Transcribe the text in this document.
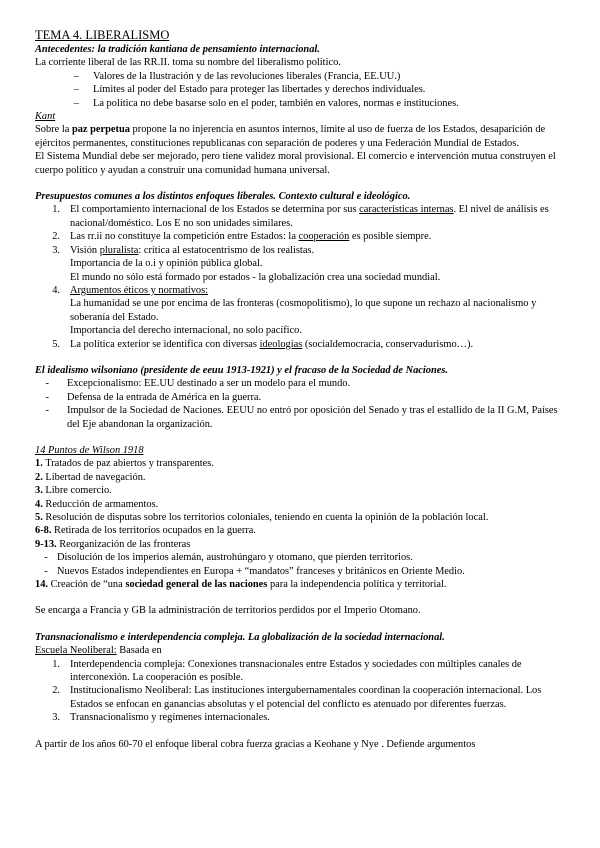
TEMA 4. LIBERALISMO

Antecedentes: la tradición kantiana de pensamiento internacional.

La corriente liberal de las RR.II. toma su nombre del liberalismo político.

–	Valores de la Ilustración y de las revoluciones liberales (Francia, EE.UU.)
–	Límites al poder del Estado para proteger las libertades y derechos individuales.
–	La política no debe basarse solo en el poder, también en valores, normas e instituciones.

Kant

Sobre la paz perpetua propone la no injerencia en asuntos internos, límite al uso de fuerza de los Estados, desaparición de ejércitos permanentes, constituciones republicanas con separación de poderes y una Federación Mundial de Estados.

El Sistema Mundial debe ser mejorado, pero tiene validez moral provisional. El comercio e intervención mutua construyen el cuerpo político y ayudan a construir una comunidad humana universal.

Presupuestos comunes a los distintos enfoques liberales. Contexto cultural e ideológico.

1. El comportamiento internacional de los Estados se determina por sus características internas. El nivel de análisis es nacional/doméstico. Los E no son unidades similares.
2. Las rr.ii no constituye la competición entre Estados: la cooperación es posible siempre.
3. Visión pluralista: crítica al estatocentrismo de los realistas.

Importancia de la o.i y opinión pública global.

El mundo no sólo está formado por estados - la globalización crea una sociedad mundial.

4. Argumentos éticos y normativos:

La humanidad se une por encima de las fronteras (cosmopolitismo), lo que supone un rechazo al nacionalismo y soberanía del Estado.

Importancia del derecho internacional, no solo pacífico.

5. La política exterior se identifica con diversas ideologías (socialdemocracia, conservadurismo…).

El idealismo wilsoniano (presidente de eeuu 1913-1921) y el fracaso de la Sociedad de Naciones.

-	Excepcionalismo: EE.UU destinado a ser un modelo para el mundo.
-	Defensa de la entrada de América en la guerra.
-	Impulsor de la Sociedad de Naciones. EEUU no entró por oposición del Senado y tras el estallido de la II G.M, Países del Eje abandonan la organización.

14 Puntos de Wilson 1918

1. Tratados de paz abiertos y transparentes.

2. Libertad de navegación.

3. Libre comercio.

4. Reducción de armamentos.

5. Resolución de disputas sobre los territorios coloniales, teniendo en cuenta la opinión de la población local.

6-8. Retirada de los territorios ocupados en la guerra.

9-13. Reorganización de las fronteras

- Disolución de los imperios alemán, austrohúngaro y otomano, que pierden territorios.
- Nuevos Estados independientes en Europa + “mandatos” franceses y británicos en Oriente Medio.

14. Creación de “una sociedad general de las naciones para la independencia política y territorial.

Se encarga a Francia y GB la administración de territorios perdidos por el Imperio Otomano.

Transnacionalismo e interdependencia compleja. La globalización de la sociedad internacional.

Escuela Neoliberal: Basada en

1. Interdependencia compleja: Conexiones transnacionales entre Estados y sociedades con múltiples canales de interconexión. La cooperación es posible.
2. Institucionalismo Neoliberal: Las instituciones intergubernamentales coordinan la cooperación internacional. Los Estados se enfocan en ganancias absolutas y el potencial del conflicto es atenuado por diferentes fuerzas.
3. Transnacionalismo y regímenes internacionales.

A partir de los años 60-70 el enfoque liberal cobra fuerza gracias a Keohane y Nye . Defiende argumentos
